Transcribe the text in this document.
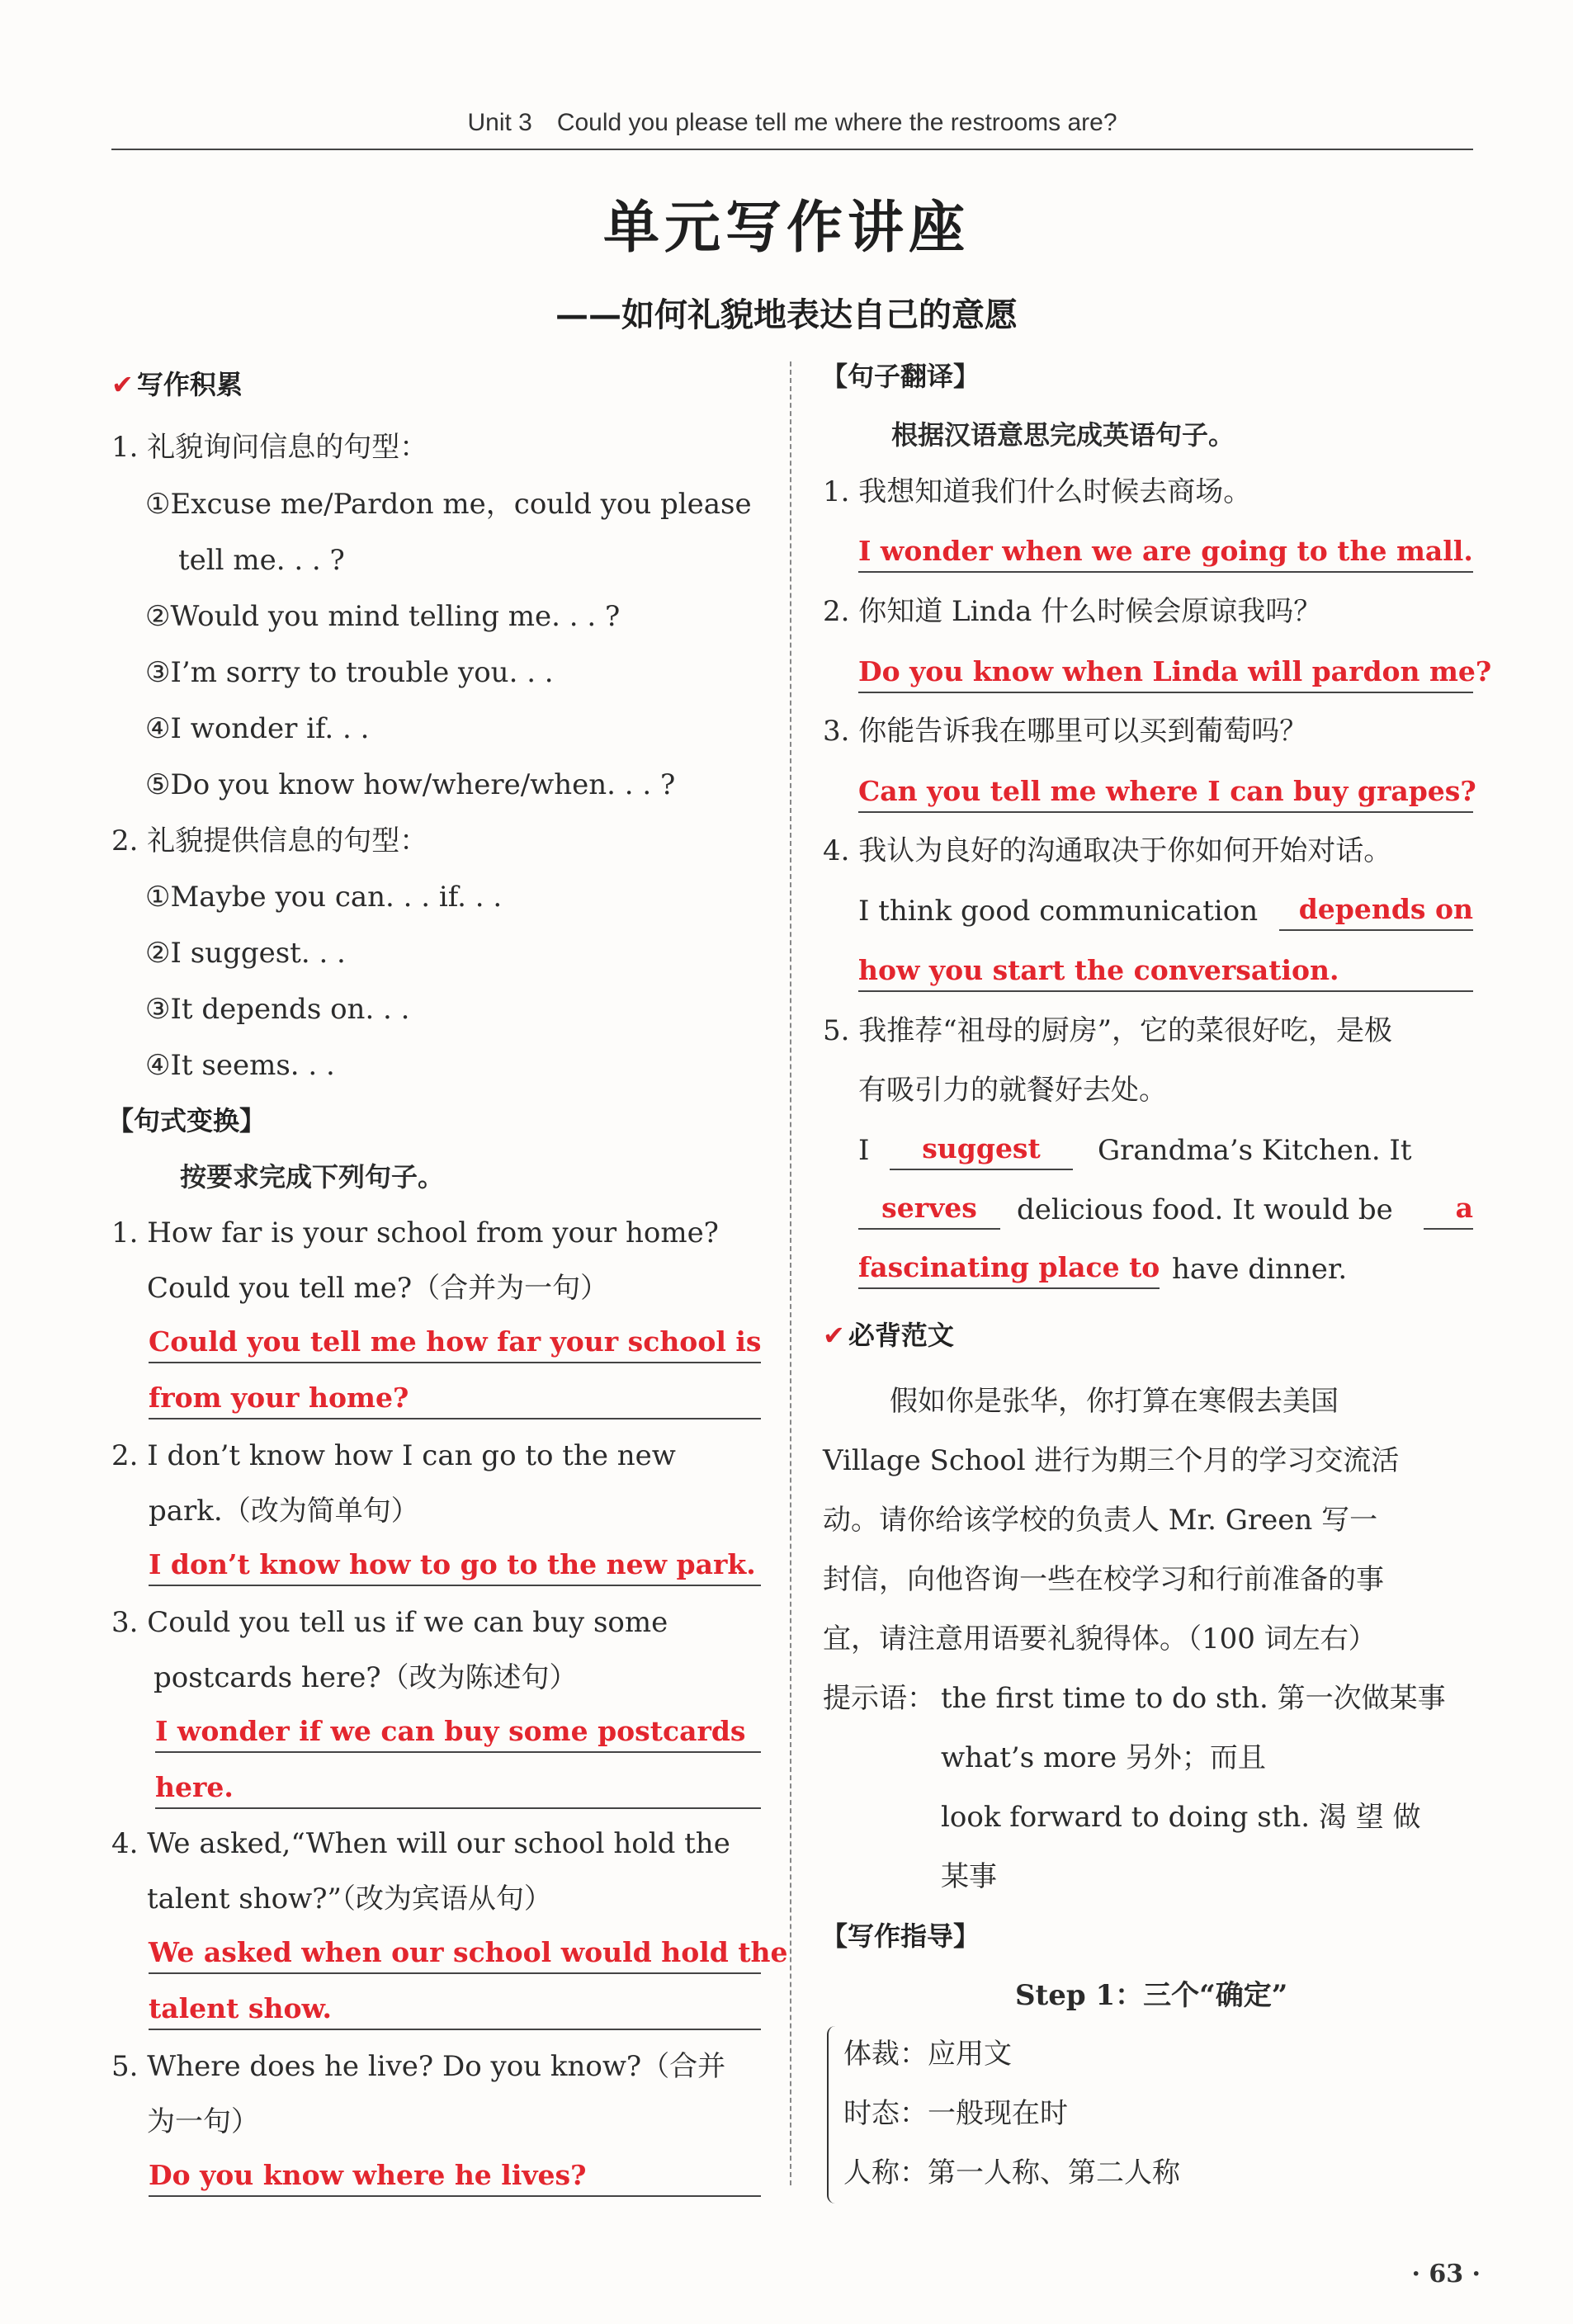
Unit 3　Could you please tell me where the restrooms are?
单元写作讲座
——如何礼貌地表达自己的意愿
✔ 写作积累
1. 礼貌询问信息的句型：
①Excuse me/Pardon me，could you please
tell me. . . ?
②Would you mind telling me. . . ?
③I’m sorry to trouble you. . .
④I wonder if. . .
⑤Do you know how/where/when. . . ?
2. 礼貌提供信息的句型：
①Maybe you can. . . if. . .
②I suggest. . .
③It depends on. . .
④It seems. . .
【句式变换】
按要求完成下列句子。
1. How far is your school from your home?
Could you tell me?（合并为一句）
Could you tell me how far your school is
from your home?
2. I don’t know how I can go to the new
park.（改为简单句）
I don’t know how to go to the new park.
3. Could you tell us if we can buy some
postcards here?（改为陈述句）
I wonder if we can buy some postcards
here.
4. We asked,“When will our school hold the
talent show?”（改为宾语从句）
We asked when our school would hold the
talent show.
5. Where does he live? Do you know?（合并
为一句）
Do you know where he lives?
【句子翻译】
根据汉语意思完成英语句子。
1. 我想知道我们什么时候去商场。
I wonder when we are going to the mall.
2. 你知道 Linda 什么时候会原谅我吗？
Do you know when Linda will pardon me?
3. 你能告诉我在哪里可以买到葡萄吗？
Can you tell me where I can buy grapes?
4. 我认为良好的沟通取决于你如何开始对话。
I think good communication	depends on
how you start the conversation.
5. 我推荐“祖母的厨房”，它的菜很好吃，是极
有吸引力的就餐好去处。
I	suggest	Grandma’s Kitchen. It
serves	delicious food. It would be	a
fascinating place to have dinner.
✔ 必背范文
假如你是张华，你打算在寒假去美国
Village School 进行为期三个月的学习交流活
动。请你给该学校的负责人 Mr. Green 写一
封信，向他咨询一些在校学习和行前准备的事
宜，请注意用语要礼貌得体。（100 词左右）
提示语： the first time to do sth. 第一次做某事
what’s more 另外；而且
look forward to doing sth. 渴 望 做
某事
【写作指导】
Step 1：三个“确定”
体裁：应用文
时态：一般现在时
人称：第一人称、第二人称
· 63 ·
